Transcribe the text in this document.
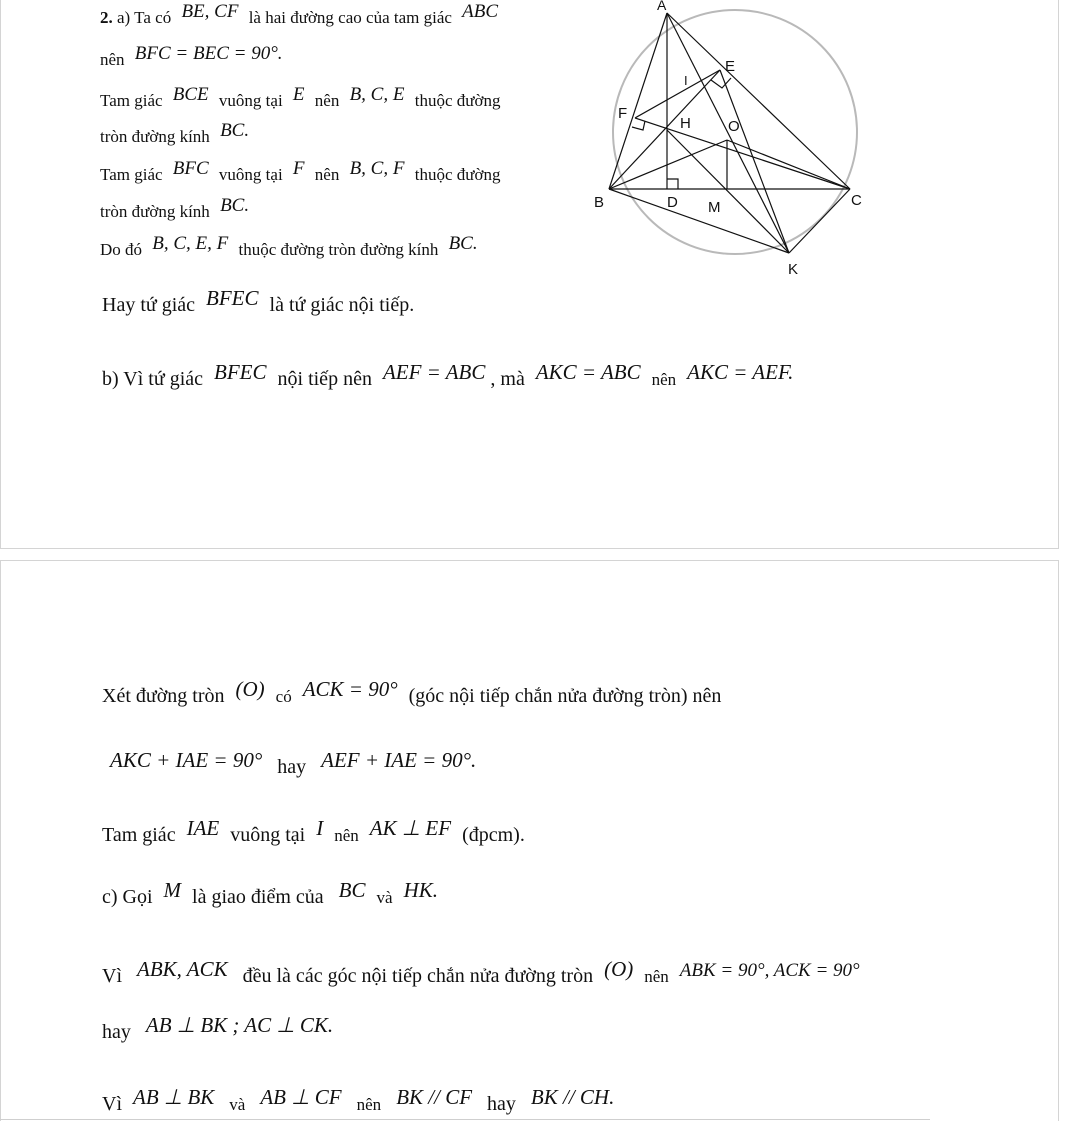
2. a) Ta có BE, CF là hai đường cao của tam giác ABC
nên BFC = BEC = 90°.
Tam giác BCE vuông tại E nên B, C, E thuộc đường
tròn đường kính BC.
Tam giác BFC vuông tại F nên B, C, F thuộc đường
tròn đường kính BC.
Do đó B, C, E, F thuộc đường tròn đường kính BC.
Hay tứ giác BFEC là tứ giác nội tiếp.
b) Vì tứ giác BFEC nội tiếp nên AEF = ABC , mà AKC = ABC nên AKC = AEF.
A
E
I
F
H O
B	D M	C
K
Xét đường tròn (O) có ACK = 90° (góc nội tiếp chắn nửa đường tròn) nên
AKC + IAE = 90° hay AEF + IAE = 90°.
Tam giác IAE vuông tại I nên AK ⊥ EF (đpcm).
c) Gọi M là giao điểm của BC và HK.
Vì ABK, ACK đều là các góc nội tiếp chắn nửa đường tròn (O) nên ABK = 90°, ACK = 90°
hay AB ⊥ BK ; AC ⊥ CK.
Vì AB ⊥ BK và AB ⊥ CF nên BK // CF hay BK // CH.
